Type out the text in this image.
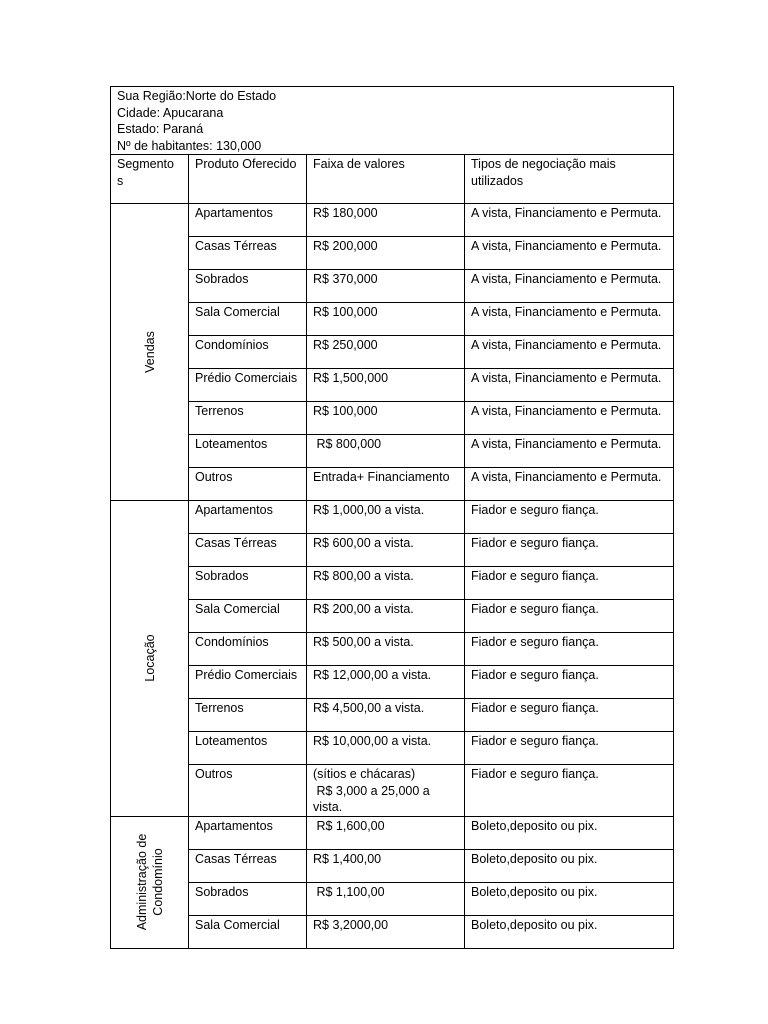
Sua Região:Norte do Estado
Cidade: Apucarana
Estado: Paraná
Nº de habitantes: 130,000			

Segmento s	Produto Oferecido	Faixa de valores	Tipos de negociação mais utilizados

Vendas	Apartamentos	R$ 180,000	A vista, Financiamento e Permuta.
	Casas Térreas	R$ 200,000	A vista, Financiamento e Permuta.
	Sobrados	R$ 370,000	A vista, Financiamento e Permuta.
	Sala Comercial	R$ 100,000	A vista, Financiamento e Permuta.
	Condomínios	R$ 250,000	A vista, Financiamento e Permuta.
	Prédio Comerciais	R$ 1,500,000	A vista, Financiamento e Permuta.
	Terrenos	R$ 100,000	A vista, Financiamento e Permuta.
	Loteamentos	R$ 800,000	A vista, Financiamento e Permuta.
	Outros	Entrada+ Financiamento	A vista, Financiamento e Permuta.

Locação	Apartamentos	R$ 1,000,00 a vista.	Fiador e seguro fiança.
	Casas Térreas	R$ 600,00 a vista.	Fiador e seguro fiança.
	Sobrados	R$ 800,00 a vista.	Fiador e seguro fiança.
	Sala Comercial	R$ 200,00 a vista.	Fiador e seguro fiança.
	Condomínios	R$ 500,00 a vista.	Fiador e seguro fiança.
	Prédio Comerciais	R$ 12,000,00 a vista.	Fiador e seguro fiança.
	Terrenos	R$ 4,500,00 a vista.	Fiador e seguro fiança.
	Loteamentos	R$ 10,000,00 a vista.	Fiador e seguro fiança.
	Outros	(sítios e chácaras)
R$ 3,000 a 25,000 a
vista.	Fiador e seguro fiança.

Administração de Condomínio	Apartamentos	R$ 1,600,00	Boleto,deposito ou pix.
	Casas Térreas	R$ 1,400,00	Boleto,deposito ou pix.
	Sobrados	R$ 1,100,00	Boleto,deposito ou pix.
	Sala Comercial	R$ 3,2000,00	Boleto,deposito ou pix.
